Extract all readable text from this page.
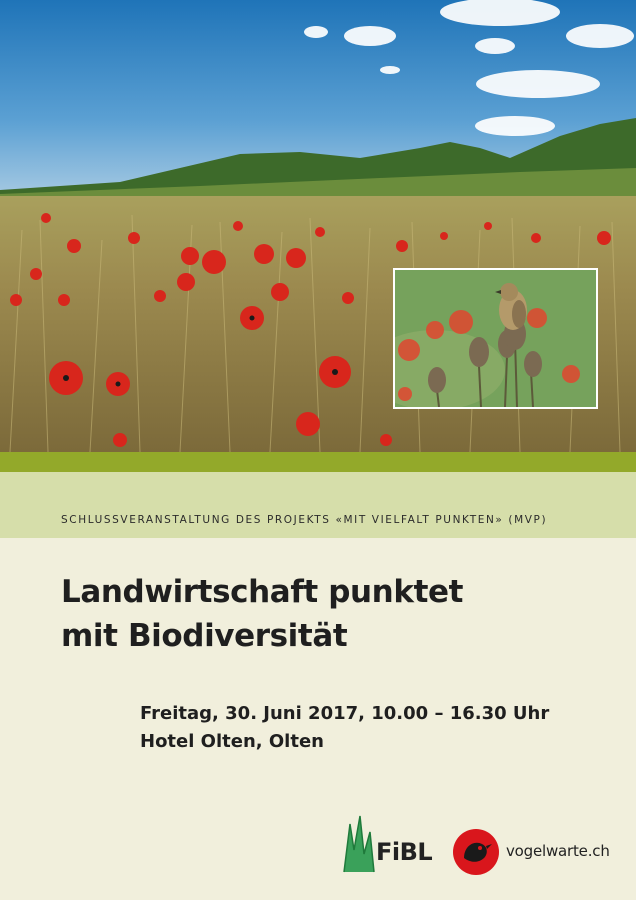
SCHLUSSVERANSTALTUNG DES PROJEKTS «MIT VIELFALT PUNKTEN» (MVP)
Landwirtschaft punktet
mit Biodiversität
Freitag, 30. Juni 2017, 10.00 – 16.30 Uhr
Hotel Olten, Olten
FiBL	vogelwarte.ch
